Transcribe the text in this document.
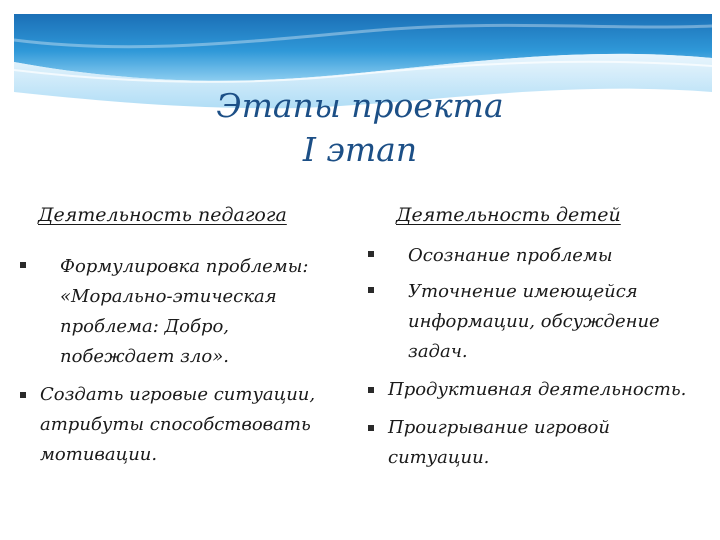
Этапы проекта
I этап
Деятельность педагога	Деятельность детей
Формулировка проблемы: «Морально-этическая проблема: Добро, побеждает зло».
Создать игровые ситуации, атрибуты способствовать мотивации.
Осознание проблемы
Уточнение имеющейся информации, обсуждение задач.
Продуктивная деятельность.
Проигрывание игровой ситуации.
